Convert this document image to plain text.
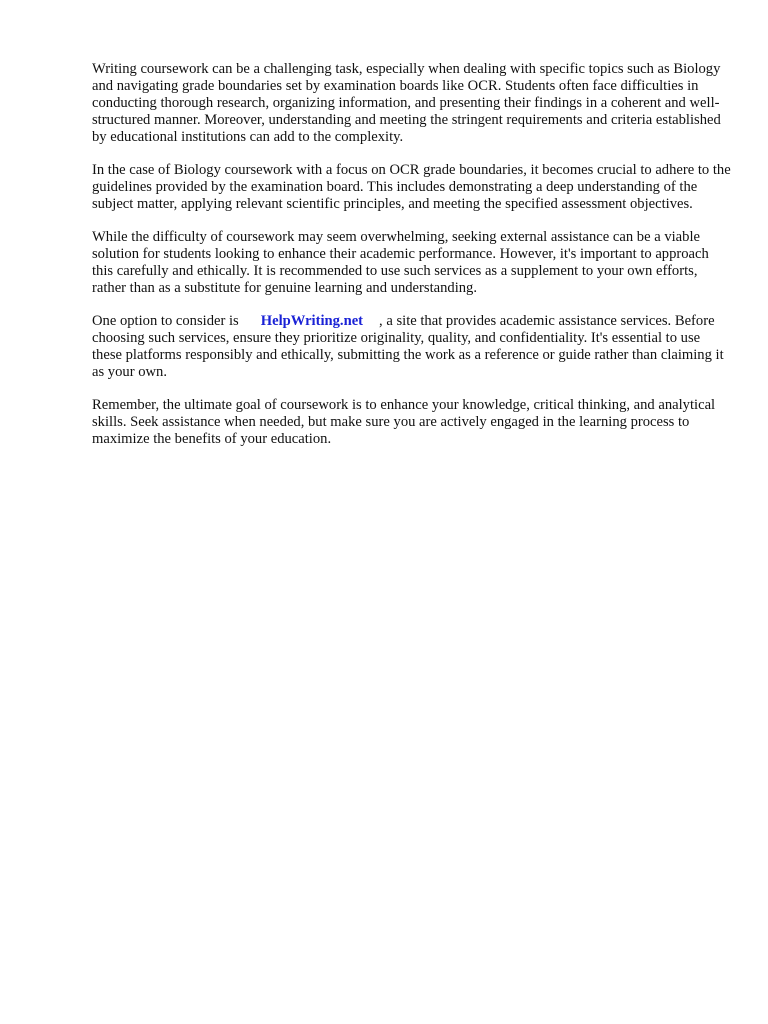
Writing coursework can be a challenging task, especially when dealing with specific topics such as Biology and navigating grade boundaries set by examination boards like OCR. Students often face difficulties in conducting thorough research, organizing information, and presenting their findings in a coherent and well-structured manner. Moreover, understanding and meeting the stringent requirements and criteria established by educational institutions can add to the complexity.

In the case of Biology coursework with a focus on OCR grade boundaries, it becomes crucial to adhere to the guidelines provided by the examination board. This includes demonstrating a deep understanding of the subject matter, applying relevant scientific principles, and meeting the specified assessment objectives.

While the difficulty of coursework may seem overwhelming, seeking external assistance can be a viable solution for students looking to enhance their academic performance. However, it's important to approach this carefully and ethically. It is recommended to use such services as a supplement to your own efforts, rather than as a substitute for genuine learning and understanding.

One option to consider is HelpWriting.net , a site that provides academic assistance services. Before choosing such services, ensure they prioritize originality, quality, and confidentiality. It's essential to use these platforms responsibly and ethically, submitting the work as a reference or guide rather than claiming it as your own.

Remember, the ultimate goal of coursework is to enhance your knowledge, critical thinking, and analytical skills. Seek assistance when needed, but make sure you are actively engaged in the learning process to maximize the benefits of your education.
